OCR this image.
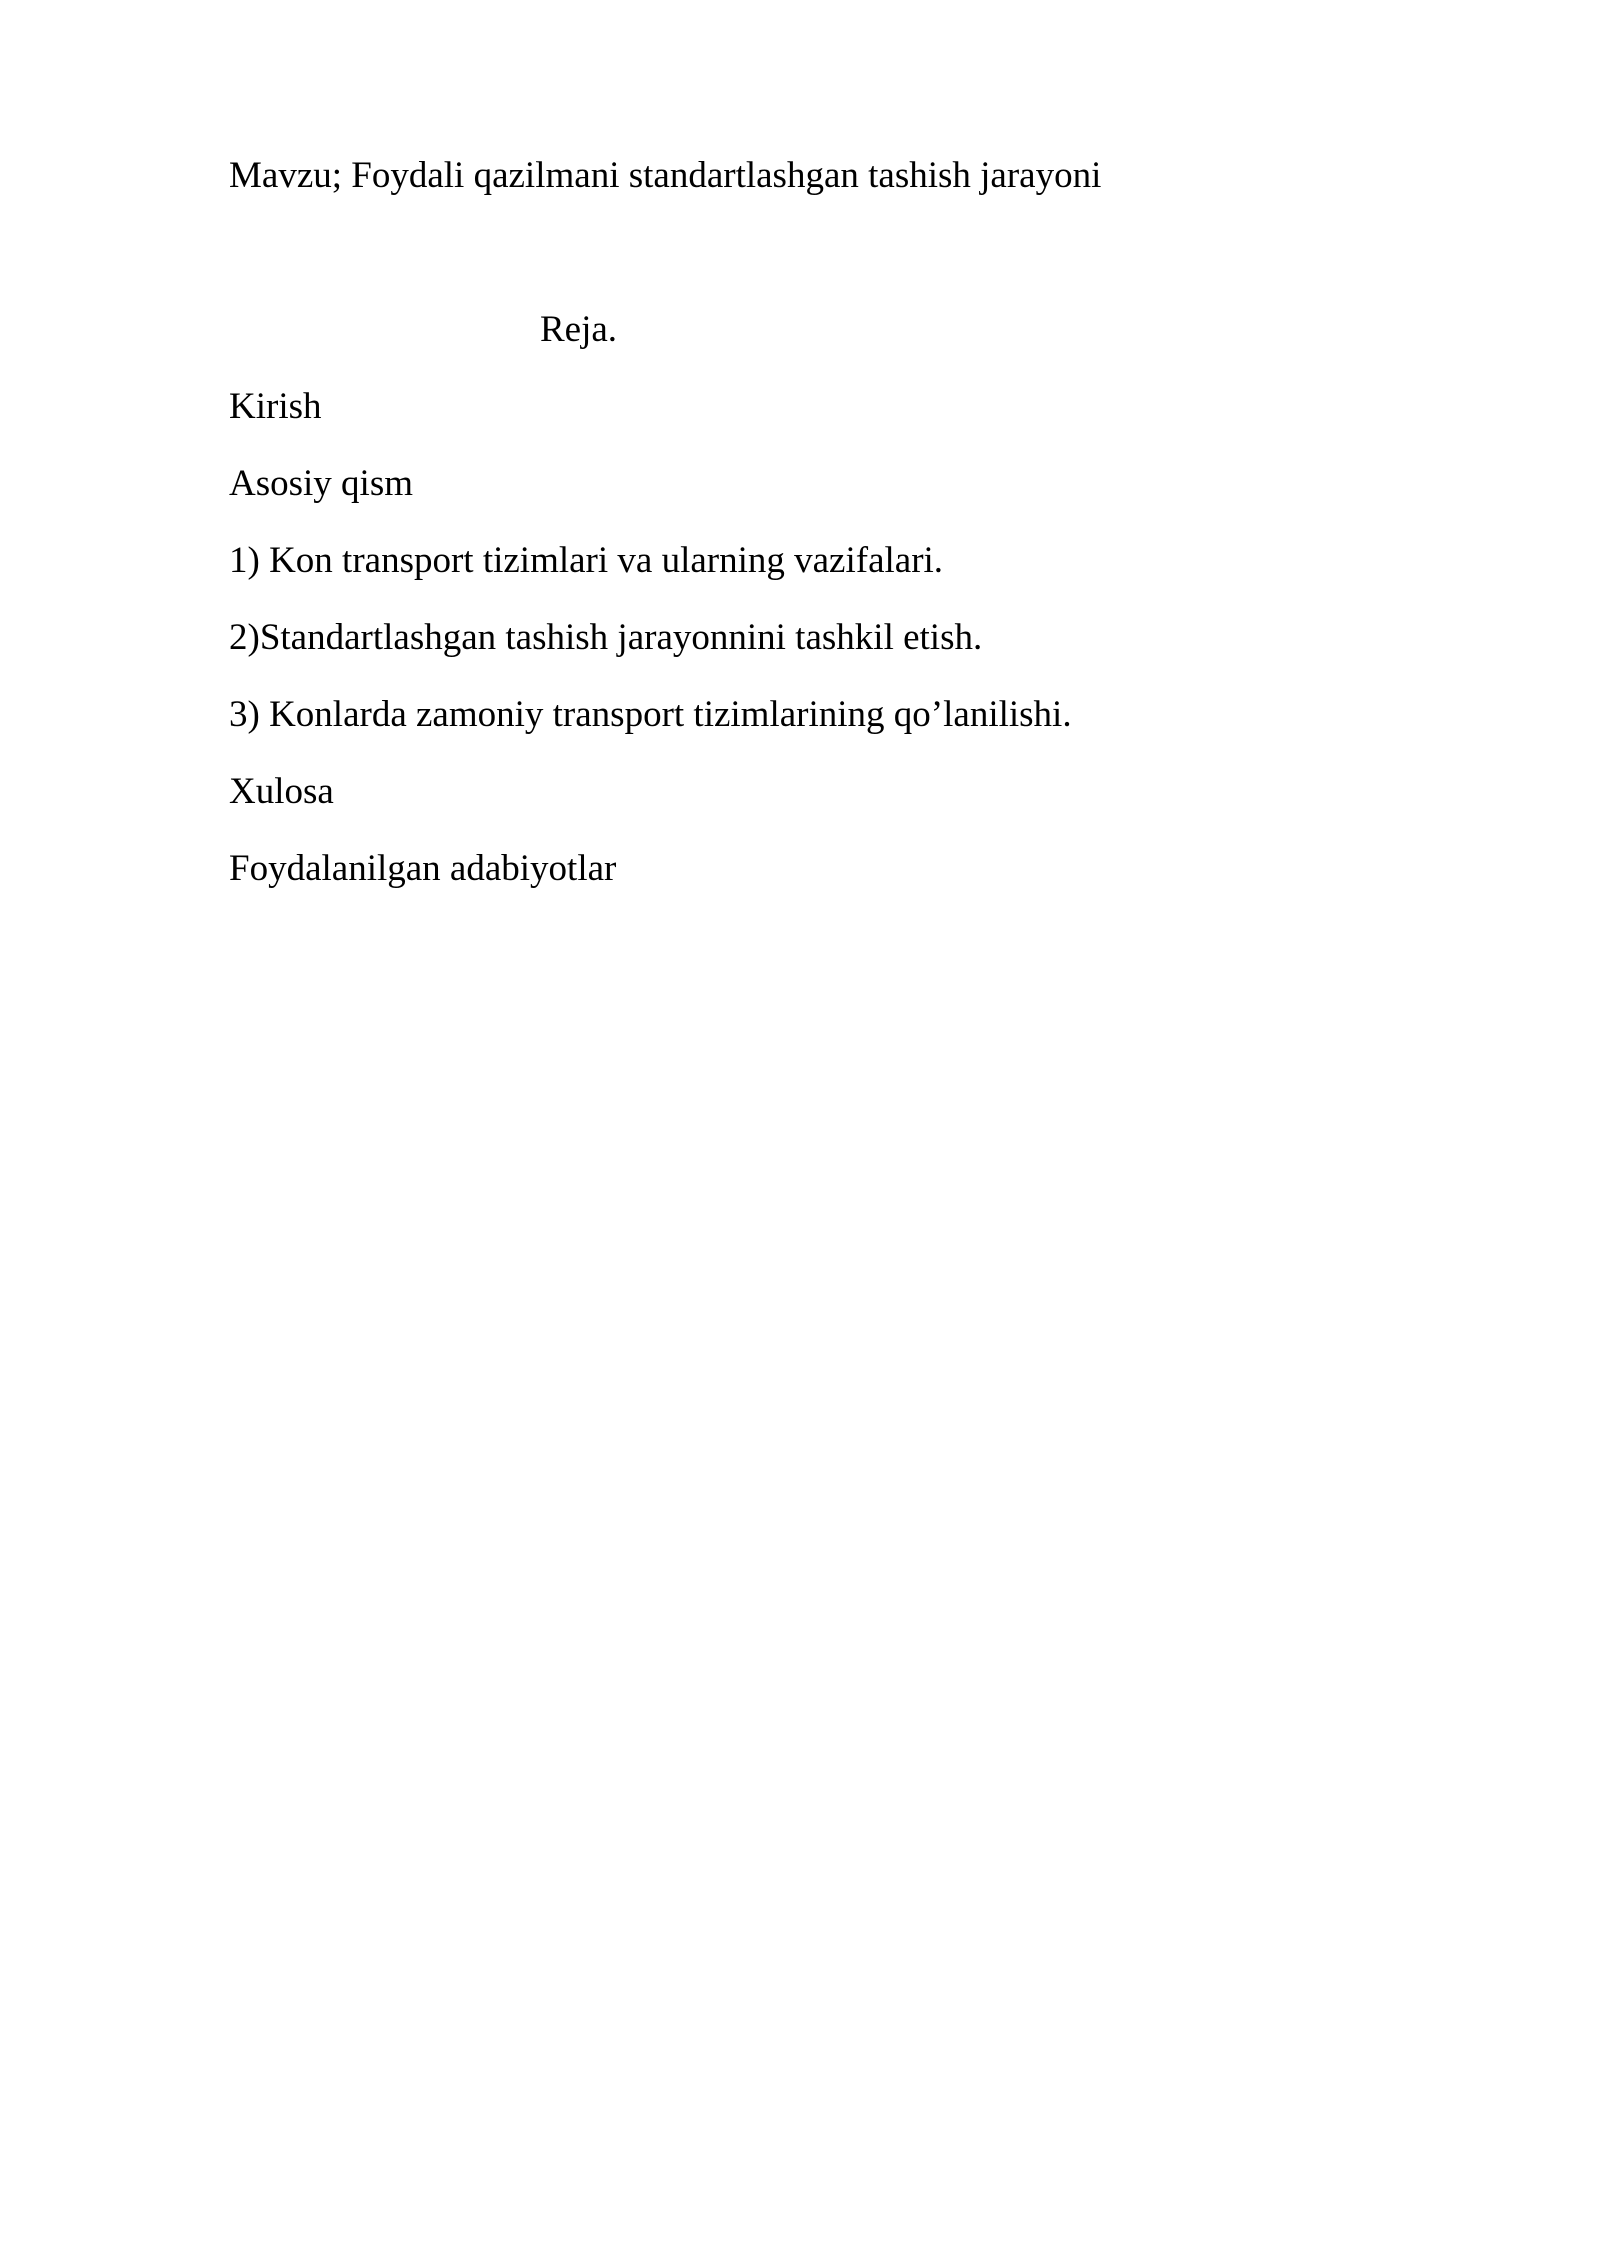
Mavzu; Foydali qazilmani standartlashgan tashish jarayoni
Reja.
Kirish
Asosiy qism
1) Kon transport tizimlari va ularning vazifalari.
2)Standartlashgan tashish jarayonnini tashkil etish.
3) Konlarda zamoniy transport tizimlarining qo’lanilishi.
Xulosa
Foydalanilgan adabiyotlar
